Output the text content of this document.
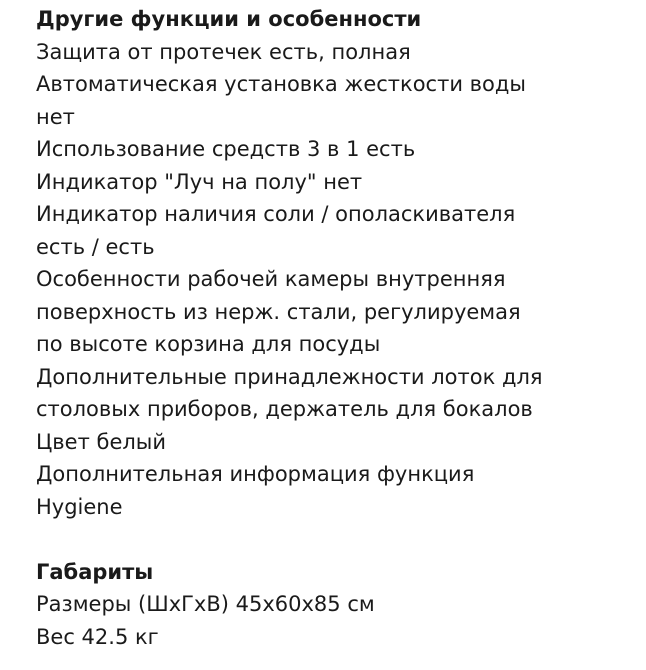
Другие функции и особенности

Защита от протечек есть, полная

Автоматическая установка жесткости воды

нет

Использование средств 3 в 1 есть

Индикатор "Луч на полу" нет

Индикатор наличия соли / ополаскивателя

есть / есть

Особенности рабочей камеры внутренняя

поверхность из нерж. стали, регулируемая

по высоте корзина для посуды

Дополнительные принадлежности лоток для

столовых приборов, держатель для бокалов

Цвет белый

Дополнительная информация функция

Hygiene

Габариты

Размеры (ШхГхВ) 45x60x85 см

Вес 42.5 кг
